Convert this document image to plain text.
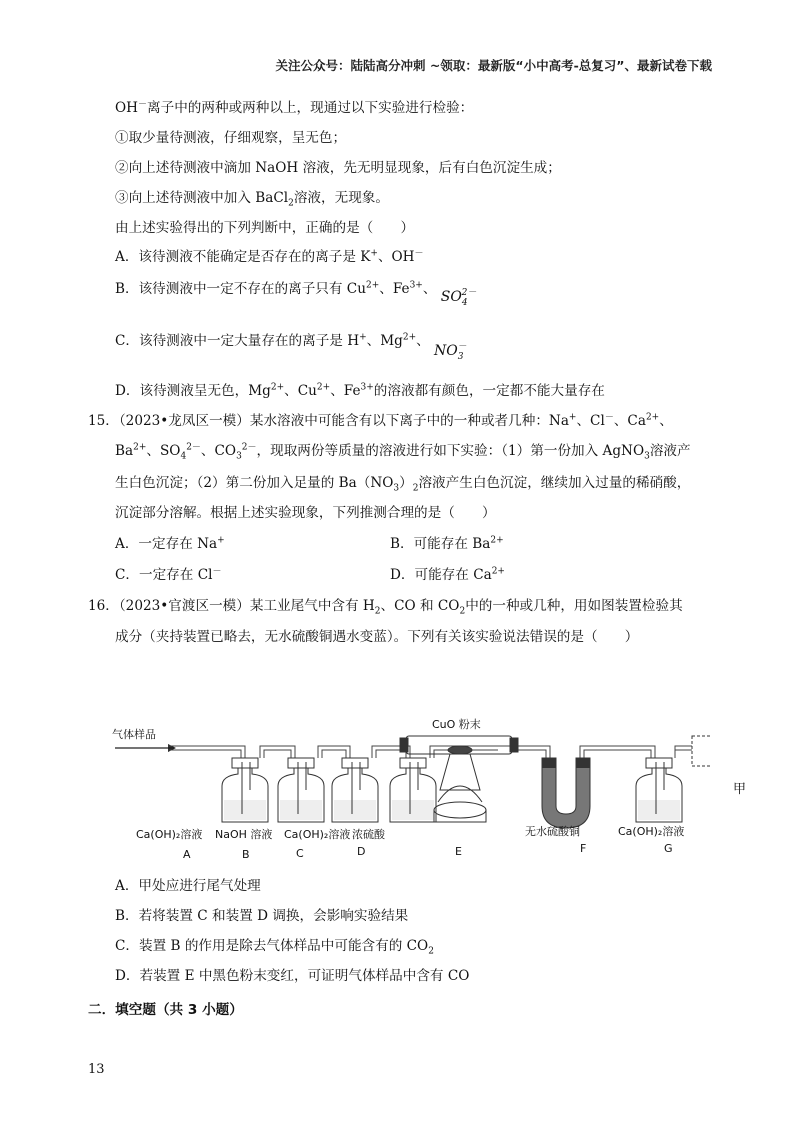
关注公众号：陆陆高分冲刺 ~领取：最新版“小中高考-总复习”、最新试卷下载
OH－离子中的两种或两种以上，现通过以下实验进行检验：
①取少量待测液，仔细观察，呈无色；
②向上述待测液中滴加 NaOH 溶液，先无明显现象，后有白色沉淀生成；
③向上述待测液中加入 BaCl$_2$溶液，无现象。
由上述实验得出的下列判断中，正确的是（　　）
A．该待测液不能确定是否存在的离子是 K+、OH－
B．该待测液中一定不存在的离子只有 $Cu^{2+}$、$Fe^{3+}$、 $SO_4^{2-}$
C．该待测液中一定大量存在的离子是 H+、$Mg^{2+}$、 $NO_3^-$
D．该待测液呈无色，$Mg^{2+}$、$Cu^{2+}$、$Fe^{3+}$的溶液都有颜色，一定都不能大量存在
15．（2023•龙凤区一模）某水溶液中可能含有以下离子中的一种或者几种：Na+、Cl－、$Ca^{2+}$、
$Ba^{2+}$、$SO_4^{2-}$、$CO_3^{2-}$，现取两份等质量的溶液进行如下实验：（1）第一份加入 AgNO$_3$溶液产
生白色沉淀；（2）第二份加入足量的 $Ba(NO_3)_2$溶液产生白色沉淀，继续加入过量的稀硝酸，
沉淀部分溶解。根据上述实验现象，下列推测合理的是（　　）
A．一定存在 Na+	B．可能存在 $Ba^{2+}$
C．一定存在 Cl－	D．可能存在 $Ca^{2+}$
16．（2023•官渡区一模）某工业尾气中含有 $H_2$、CO 和 $CO_2$中的一种或几种，用如图装置检验其
成分（夹持装置已略去，无水硫酸铜遇水变蓝）。下列有关该实验说法错误的是（　　）
气体样品
CuO 粉末
甲
Ca(OH)₂溶液 NaOH 溶液 Ca(OH)₂溶液 浓硫酸	无水硫酸铜	Ca(OH)₂溶液
A	B	C	D	E	F	G
A．甲处应进行尾气处理
B．若将装置 C 和装置 D 调换，会影响实验结果
C．装置 B 的作用是除去气体样品中可能含有的 $CO_2$
D．若装置 E 中黑色粉末变红，可证明气体样品中含有 CO
二．填空题（共 3 小题）
13
